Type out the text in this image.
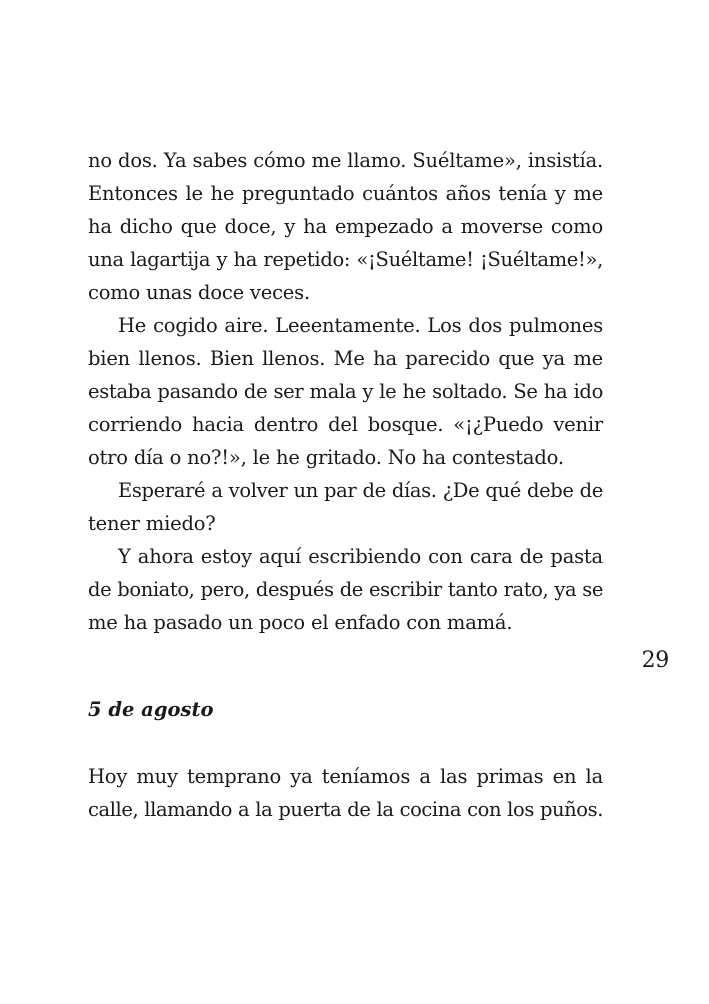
no dos. Ya sabes cómo me llamo. Suéltame», insistía.
Entonces le he preguntado cuántos años tenía y me
ha dicho que doce, y ha empezado a moverse como
una lagartija y ha repetido: «¡Suéltame! ¡Suéltame!»,
como unas doce veces.
He cogido aire. Leeentamente. Los dos pulmones
bien llenos. Bien llenos. Me ha parecido que ya me
estaba pasando de ser mala y le he soltado. Se ha ido
corriendo hacia dentro del bosque. «¡¿Puedo venir
otro día o no?!», le he gritado. No ha contestado.
Esperaré a volver un par de días. ¿De qué debe de
tener miedo?
Y ahora estoy aquí escribiendo con cara de pasta
de boniato, pero, después de escribir tanto rato, ya se
me ha pasado un poco el enfado con mamá.
29
5 de agosto
Hoy muy temprano ya teníamos a las primas en la
calle, llamando a la puerta de la cocina con los puños.
